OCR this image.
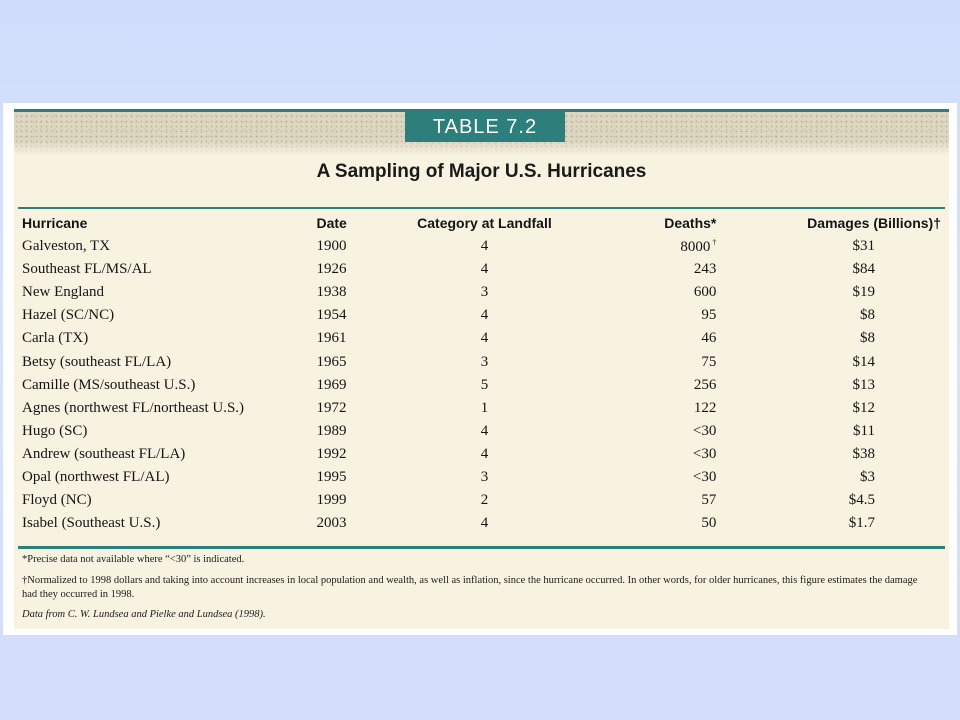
TABLE 7.2
A Sampling of Major U.S. Hurricanes
Hurricane	Date	Category at Landfall	Deaths*	Damages (Billions)†
Galveston, TX	1900	4	8000 †	$31
Southeast FL/MS/AL	1926	4	243	$84
New England	1938	3	600	$19
Hazel (SC/NC)	1954	4	95	$8
Carla (TX)	1961	4	46	$8
Betsy (southeast FL/LA)	1965	3	75	$14
Camille (MS/southeast U.S.)	1969	5	256	$13
Agnes (northwest FL/northeast U.S.)	1972	1	122	$12
Hugo (SC)	1989	4	<30	$11
Andrew (southeast FL/LA)	1992	4	<30	$38
Opal (northwest FL/AL)	1995	3	<30	$3
Floyd (NC)	1999	2	57	$4.5
Isabel (Southeast U.S.)	2003	4	50	$1.7
*Precise data not available where “<30” is indicated.
†Normalized to 1998 dollars and taking into account increases in local population and wealth, as well as inflation, since the hurricane occurred. In other words, for older hurricanes, this figure estimates the damage had they occurred in 1998.
Data from C. W. Lundsea and Pielke and Lundsea (1998).
